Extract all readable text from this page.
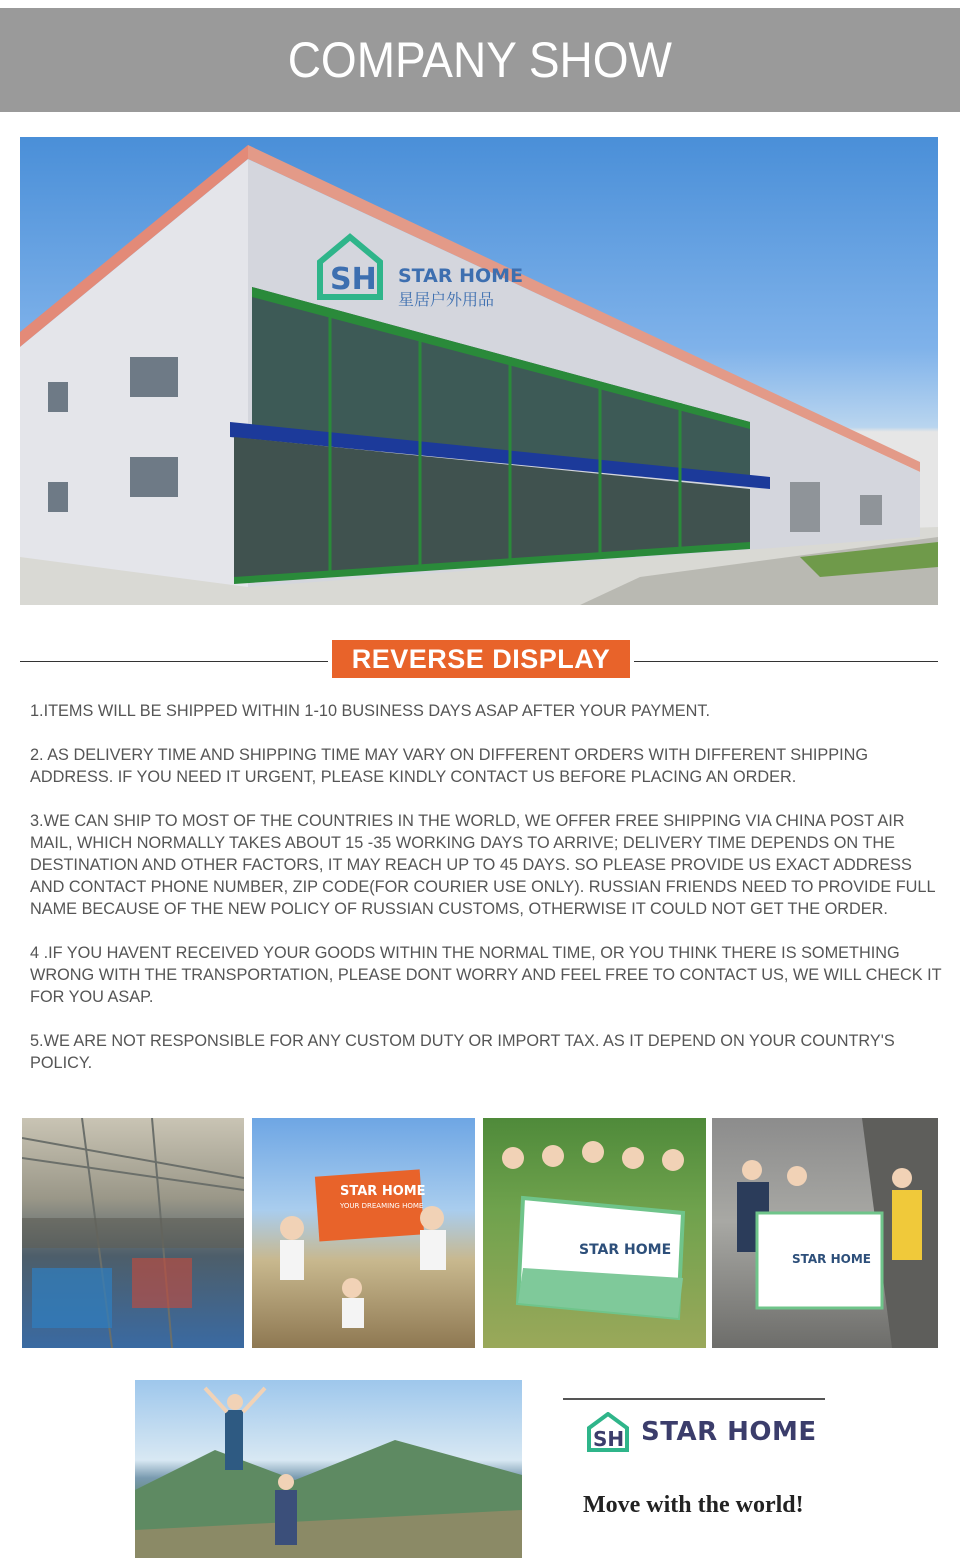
COMPANY SHOW
SH STAR HOME
星居户外用品
REVERSE DISPLAY

1.ITEMS WILL BE SHIPPED WITHIN 1-10 BUSINESS DAYS ASAP AFTER YOUR PAYMENT.

2. AS DELIVERY TIME AND SHIPPING TIME MAY VARY ON DIFFERENT ORDERS WITH DIFFERENT SHIPPING ADDRESS. IF YOU NEED IT URGENT, PLEASE KINDLY CONTACT US BEFORE PLACING AN ORDER.

3.WE CAN SHIP TO MOST OF THE COUNTRIES IN THE WORLD, WE OFFER FREE SHIPPING VIA CHINA POST AIR MAIL, WHICH NORMALLY TAKES ABOUT 15 -35 WORKING DAYS TO ARRIVE; DELIVERY TIME DEPENDS ON THE DESTINATION AND OTHER FACTORS, IT MAY REACH UP TO 45 DAYS. SO PLEASE PROVIDE US EXACT ADDRESS AND CONTACT PHONE NUMBER, ZIP CODE(FOR COURIER USE ONLY). RUSSIAN FRIENDS NEED TO PROVIDE FULL NAME BECAUSE OF THE NEW POLICY OF RUSSIAN CUSTOMS, OTHERWISE IT COULD NOT GET THE ORDER.

4 .IF YOU HAVENT RECEIVED YOUR GOODS WITHIN THE NORMAL TIME, OR YOU THINK THERE IS SOMETHING WRONG WITH THE TRANSPORTATION, PLEASE DONT WORRY AND FEEL FREE TO CONTACT US, WE WILL CHECK IT FOR YOU ASAP.

5.WE ARE NOT RESPONSIBLE FOR ANY CUSTOM DUTY OR IMPORT TAX. AS IT DEPEND ON YOUR COUNTRY'S POLICY.

STAR HOME
YOUR DREAMING HOME
STAR HOME
STAR HOME
SH STAR HOME
Move with the world!
